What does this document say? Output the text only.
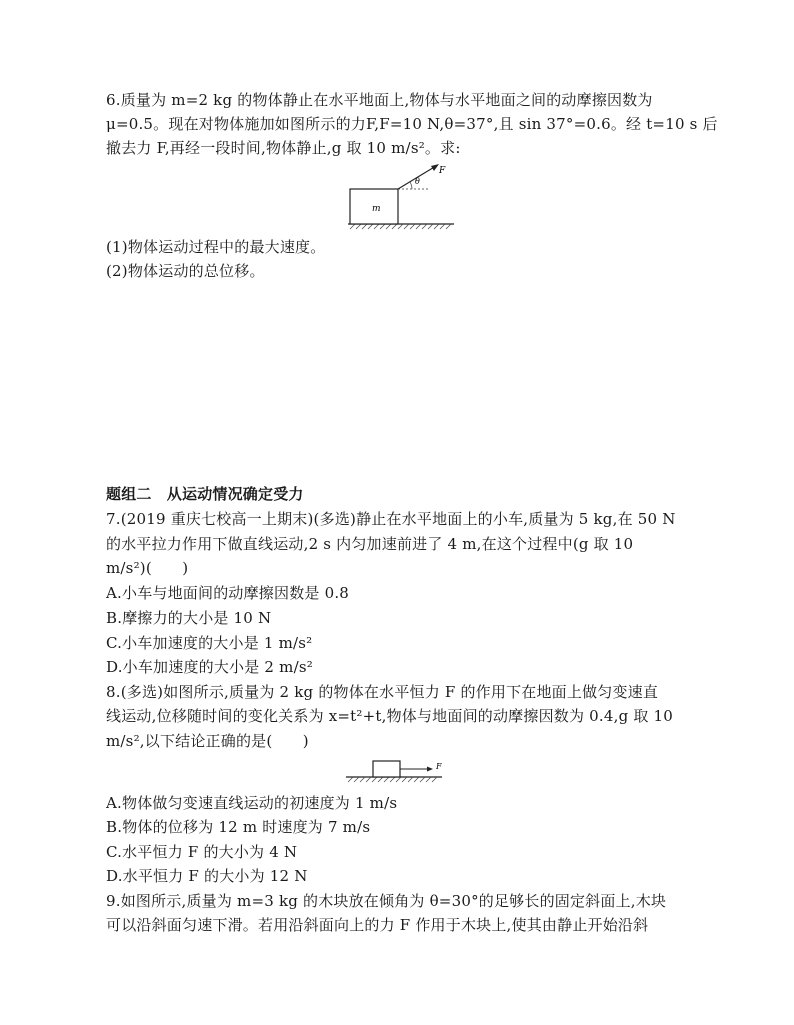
6.质量为 m=2 kg 的物体静止在水平地面上,物体与水平地面之间的动摩擦因数为
μ=0.5。现在对物体施加如图所示的力F,F=10 N,θ=37°,且 sin 37°=0.6。经 t=10 s 后
撤去力 F,再经一段时间,物体静止,g 取 10 m/s²。求:
m
θ
F
(1)物体运动过程中的最大速度。
(2)物体运动的总位移。
题组二　从运动情况确定受力
7.(2019 重庆七校高一上期末)(多选)静止在水平地面上的小车,质量为 5 kg,在 50 N
的水平拉力作用下做直线运动,2 s 内匀加速前进了 4 m,在这个过程中(g 取 10
m/s²)(　　)
A.小车与地面间的动摩擦因数是 0.8
B.摩擦力的大小是 10 N
C.小车加速度的大小是 1 m/s²
D.小车加速度的大小是 2 m/s²
8.(多选)如图所示,质量为 2 kg 的物体在水平恒力 F 的作用下在地面上做匀变速直
线运动,位移随时间的变化关系为 x=t²+t,物体与地面间的动摩擦因数为 0.4,g 取 10
m/s²,以下结论正确的是(　　)
F
A.物体做匀变速直线运动的初速度为 1 m/s
B.物体的位移为 12 m 时速度为 7 m/s
C.水平恒力 F 的大小为 4 N
D.水平恒力 F 的大小为 12 N
9.如图所示,质量为 m=3 kg 的木块放在倾角为 θ=30°的足够长的固定斜面上,木块
可以沿斜面匀速下滑。若用沿斜面向上的力 F 作用于木块上,使其由静止开始沿斜
